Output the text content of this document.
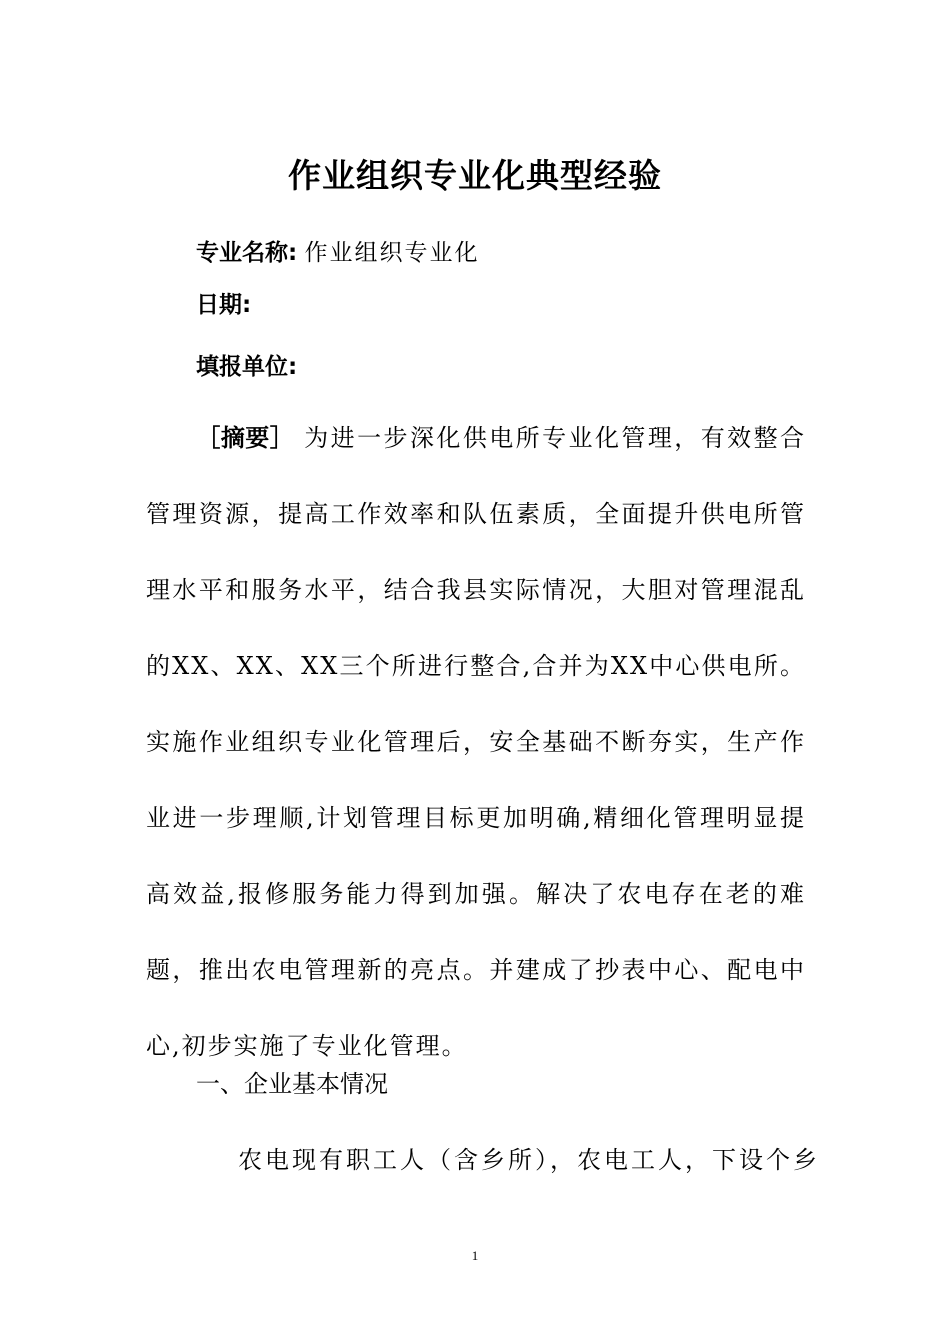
作业组织专业化典型经验
专业名称: 作业组织专业化
日期:
填报单位:

［摘要］ 为进一步深化供电所专业化管理，有效整合管理资源，提高工作效率和队伍素质，全面提升供电所管理水平和服务水平，结合我县实际情况，大胆对管理混乱的XX、XX、XX三个所进行整合,合并为XX中心供电所。实施作业组织专业化管理后，安全基础不断夯实，生产作业进一步理顺,计划管理目标更加明确,精细化管理明显提高效益,报修服务能力得到加强。解决了农电存在老的难题，推出农电管理新的亮点。并建成了抄表中心、配电中心,初步实施了专业化管理。

一、企业基本情况

农电现有职工人（含乡所），农电工人，下设个乡

1
